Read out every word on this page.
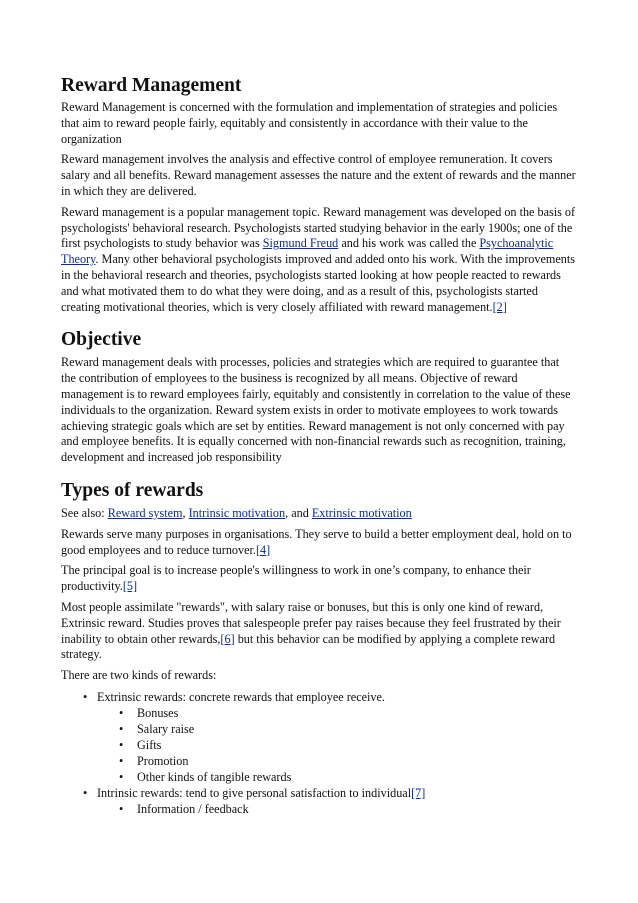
Reward Management

Reward Management is concerned with the formulation and implementation of strategies and policies that aim to reward people fairly, equitably and consistently in accordance with their value to the organization

Reward management involves the analysis and effective control of employee remuneration. It covers salary and all benefits. Reward management assesses the nature and the extent of rewards and the manner in which they are delivered.

Reward management is a popular management topic. Reward management was developed on the basis of psychologists' behavioral research. Psychologists started studying behavior in the early 1900s; one of the first psychologists to study behavior was Sigmund Freud and his work was called the Psychoanalytic Theory. Many other behavioral psychologists improved and added onto his work. With the improvements in the behavioral research and theories, psychologists started looking at how people reacted to rewards and what motivated them to do what they were doing, and as a result of this, psychologists started creating motivational theories, which is very closely affiliated with reward management.[2]

Objective

Reward management deals with processes, policies and strategies which are required to guarantee that the contribution of employees to the business is recognized by all means. Objective of reward management is to reward employees fairly, equitably and consistently in correlation to the value of these individuals to the organization. Reward system exists in order to motivate employees to work towards achieving strategic goals which are set by entities. Reward management is not only concerned with pay and employee benefits. It is equally concerned with non-financial rewards such as recognition, training, development and increased job responsibility

Types of rewards

See also: Reward system, Intrinsic motivation, and Extrinsic motivation

Rewards serve many purposes in organisations. They serve to build a better employment deal, hold on to good employees and to reduce turnover.[4]

The principal goal is to increase people's willingness to work in one’s company, to enhance their productivity.[5]

Most people assimilate "rewards", with salary raise or bonuses, but this is only one kind of reward, Extrinsic reward. Studies proves that salespeople prefer pay raises because they feel frustrated by their inability to obtain other rewards,[6] but this behavior can be modified by applying a complete reward strategy.

There are two kinds of rewards:

• Extrinsic rewards: concrete rewards that employee receive.
• Bonuses
• Salary raise
• Gifts
• Promotion
• Other kinds of tangible rewards
• Intrinsic rewards: tend to give personal satisfaction to individual[7]
• Information / feedback
